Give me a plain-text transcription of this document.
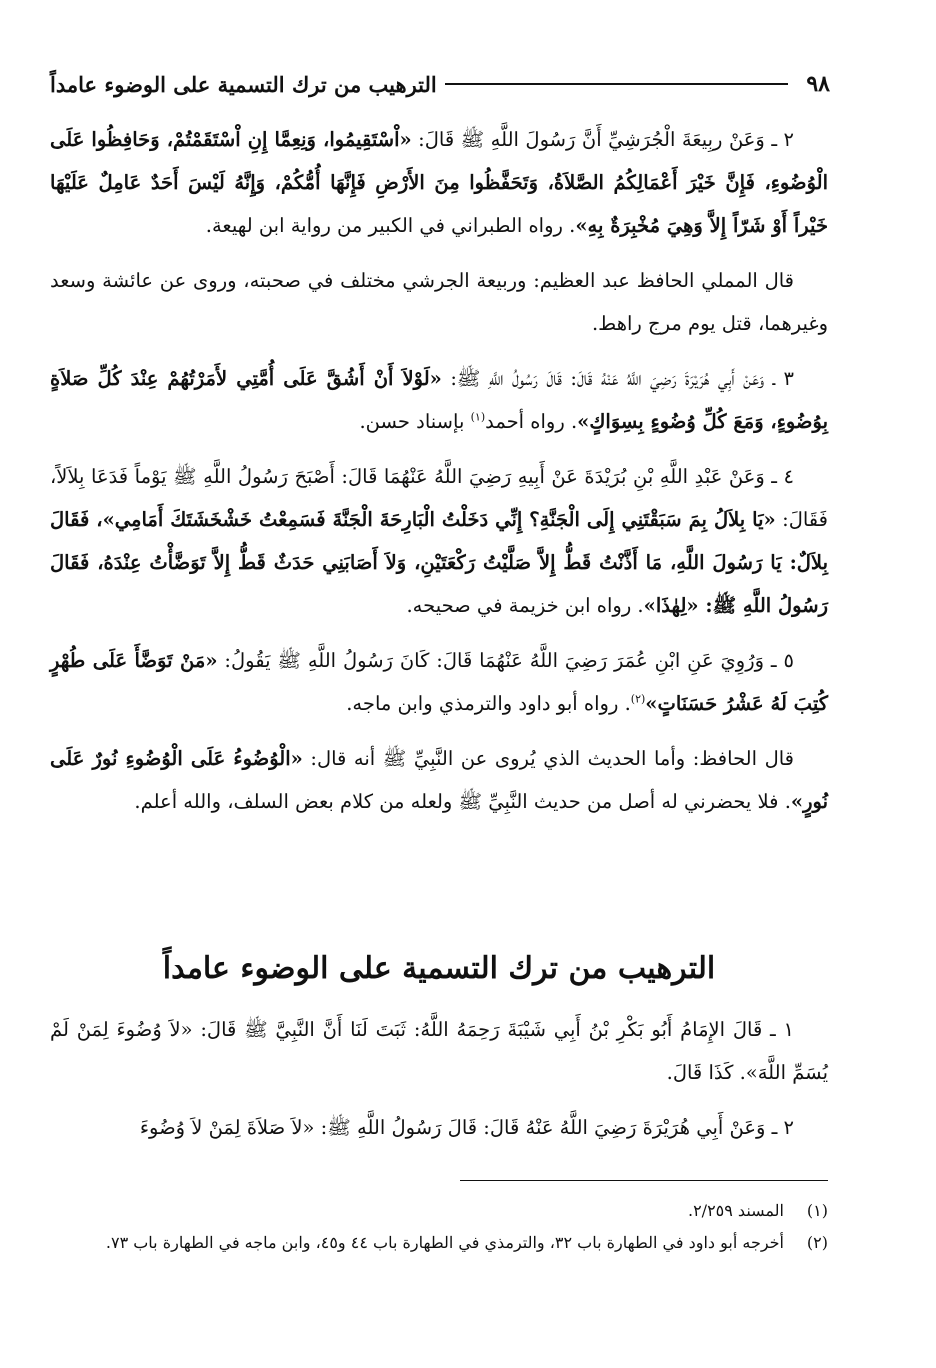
٩٨
الترهيب من ترك التسمية على الوضوء عامداً

٢ ـ وَعَنْ ربِيعَةَ الْجُرَشِيِّ أَنَّ رَسُولَ اللَّهِ ﷺ قَالَ: «اْسْتَقِيمُوا، وَنِعِمَّا إِنِ اْسْتَقَمْتُمْ، وَحَافِظُوا عَلَى الْوُضُوءِ، فَإِنَّ خَيْرَ أَعْمَالِكُمُ الصَّلاَةُ، وَتَحَفَّظُوا مِنَ الأَرْضِ فَإِنَّهَا أُمُّكُمْ، وَإِنَّهُ لَيْسَ أَحَدٌ عَامِلٌ عَلَيْهَا خَيْراً أَوْ شَرّاً إِلاَّ وَهِيَ مُخْبِرَةٌ بِهِ». رواه الطبراني في الكبير من رواية ابن لهيعة.

قال المملي الحافظ عبد العظيم: وربيعة الجرشي مختلف في صحبته، وروى عن عائشة وسعد وغيرهما، قتل يوم مرج راهط.

٣ ـ وَعَنْ أَبِي هُرَيْرَةَ رَضِيَ اللَّهُ عَنْهُ قَالَ: قَالَ رَسُولُ اللَّهِ ﷺ: «لَوْلاَ أَنْ أَشُقَّ عَلَى أُمَّتِي لأَمَرْتُهُمْ عِنْدَ كُلِّ صَلاَةٍ بِوُضُوءٍ، وَمَعَ كُلِّ وُضُوءٍ بِسِوَاكٍ». رواه أحمد$^{(١)}$ بإسناد حسن.

٤ ـ وَعَنْ عَبْدِ اللَّهِ بْنِ بُرَيْدَةَ عَنْ أَبِيهِ رَضِيَ اللَّهُ عَنْهُمَا قَالَ: أَصْبَحَ رَسُولُ اللَّهِ ﷺ يَوْماً فَدَعَا بِلاَلاً، فَقَالَ: «يَا بِلاَلُ بِمَ سَبَقْتَنِي إِلَى الْجَنَّةِ؟ إِنِّي دَخَلْتُ الْبَارِحَةَ الْجَنَّةَ فَسَمِعْتُ خَشْخَشَتَكَ أَمَامِي»، فَقَالَ بِلاَلٌ: يَا رَسُولَ اللَّهِ، مَا أَذَّنْتُ قَطُّ إِلاَّ صَلَّيْتُ رَكْعَتَيْنِ، وَلاَ أَصَابَنِي حَدَثٌ قَطُّ إِلاَّ تَوَضَّأْتُ عِنْدَهُ، فَقَالَ رَسُولُ اللَّهِ ﷺ: «لِهٰذَا». رواه ابن خزيمة في صحيحه.

٥ ـ وَرُوِيَ عَنِ ابْنِ عُمَرَ رَضِيَ اللَّهُ عَنْهُمَا قَالَ: كَانَ رَسُولُ اللَّهِ ﷺ يَقُولُ: «مَنْ تَوَضَّأَ عَلَى طُهْرٍ كُتِبَ لَهُ عَشْرُ حَسَنَاتٍ»$^{(٢)}$. رواه أبو داود والترمذي وابن ماجه.

قال الحافظ: وأما الحديث الذي يُروى عن النَّبِيِّ ﷺ أنه قال: «الْوُضُوءُ عَلَى الْوُضُوءِ نُورٌ عَلَى نُورٍ». فلا يحضرني له أصل من حديث النَّبِيِّ ﷺ ولعله من كلام بعض السلف، والله أعلم.

الترهيب من ترك التسمية على الوضوء عامداً

١ ـ قَالَ الإِمَامُ أَبُو بَكْرِ بْنُ أَبِي شَيْبَةَ رَحِمَهُ اللَّهُ: ثَبَتَ لَنَا أَنَّ النَّبِيَّ ﷺ قَالَ: «لاَ وُضُوءَ لِمَنْ لَمْ يُسَمِّ اللَّهَ». كَذَا قَالَ.

٢ ـ وَعَنْ أَبِي هُرَيْرَةَ رَضِيَ اللَّهُ عَنْهُ قَالَ: قَالَ رَسُولُ اللَّهِ ﷺ: «لاَ صَلاَةَ لِمَنْ لاَ وُضُوءَ

(١)
المسند ٢/٢٥٩.
(٢)
أخرجه أبو داود في الطهارة باب ٣٢، والترمذي في الطهارة باب ٤٤ و٤٥، وابن ماجه في الطهارة باب ٧٣.
